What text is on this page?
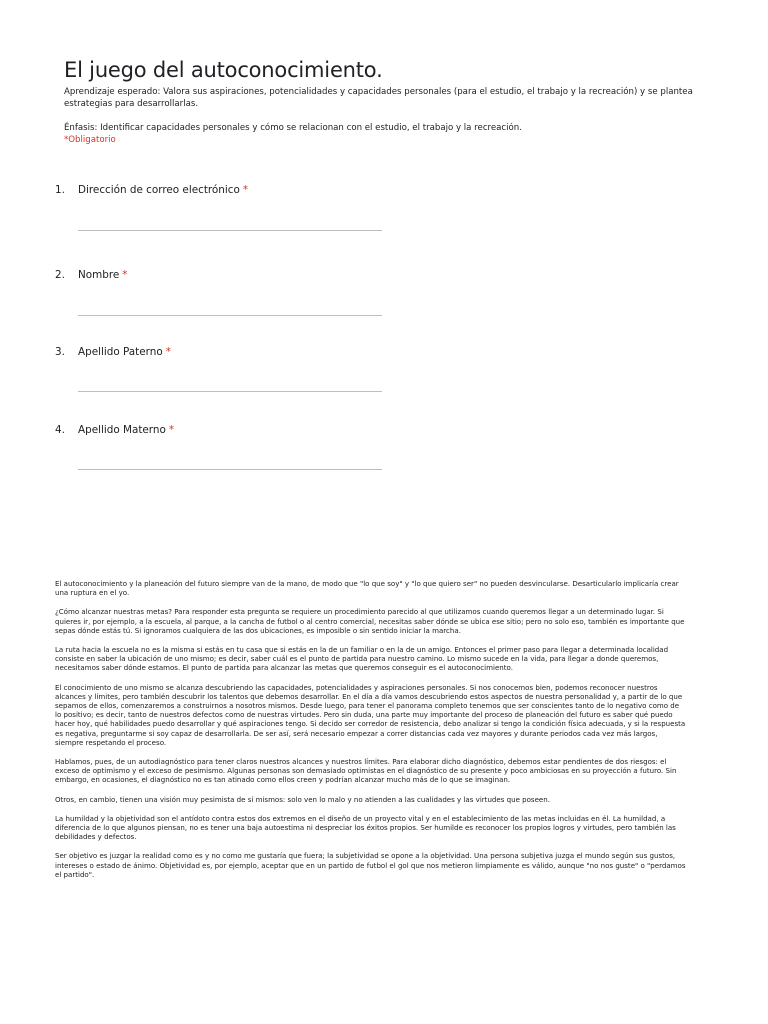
El juego del autoconocimiento.
Aprendizaje esperado: Valora sus aspiraciones, potencialidades y capacidades personales (para el estudio, el trabajo y la recreación) y se plantea estrategias para desarrollarlas.

Énfasis: Identificar capacidades personales y cómo se relacionan con el estudio, el trabajo y la recreación.
*Obligatorio
1.	Dirección de correo electrónico *
2.	Nombre *
3.	Apellido Paterno *
4.	Apellido Materno *

El autoconocimiento y la planeación del futuro siempre van de la mano, de modo que "lo que soy" y "lo que quiero ser" no pueden desvincularse. Desarticularlo implicaría crear una ruptura en el yo.

¿Cómo alcanzar nuestras metas? Para responder esta pregunta se requiere un procedimiento parecido al que utilizamos cuando queremos llegar a un determinado lugar. Si quieres ir, por ejemplo, a la escuela, al parque, a la cancha de futbol o al centro comercial, necesitas saber dónde se ubica ese sitio; pero no solo eso, también es importante que sepas dónde estás tú. Si ignoramos cualquiera de las dos ubicaciones, es imposible o sin sentido iniciar la marcha.

La ruta hacia la escuela no es la misma si estás en tu casa que si estás en la de un familiar o en la de un amigo. Entonces el primer paso para llegar a determinada localidad consiste en saber la ubicación de uno mismo; es decir, saber cuál es el punto de partida para nuestro camino. Lo mismo sucede en la vida, para llegar a donde queremos, necesitamos saber dónde estamos. El punto de partida para alcanzar las metas que queremos conseguir es el autoconocimiento.

El conocimiento de uno mismo se alcanza descubriendo las capacidades, potencialidades y aspiraciones personales. Si nos conocemos bien, podemos reconocer nuestros alcances y límites, pero también descubrir los talentos que debemos desarrollar. En el día a día vamos descubriendo estos aspectos de nuestra personalidad y, a partir de lo que sepamos de ellos, comenzaremos a construirnos a nosotros mismos. Desde luego, para tener el panorama completo tenemos que ser conscientes tanto de lo negativo como de lo positivo; es decir, tanto de nuestros defectos como de nuestras virtudes. Pero sin duda, una parte muy importante del proceso de planeación del futuro es saber qué puedo hacer hoy, qué habilidades puedo desarrollar y qué aspiraciones tengo. Si decido ser corredor de resistencia, debo analizar si tengo la condición física adecuada, y si la respuesta es negativa, preguntarme si soy capaz de desarrollarla. De ser así, será necesario empezar a correr distancias cada vez mayores y durante periodos cada vez más largos, siempre respetando el proceso.

Hablamos, pues, de un autodiagnóstico para tener claros nuestros alcances y nuestros límites. Para elaborar dicho diagnóstico, debemos estar pendientes de dos riesgos: el exceso de optimismo y el exceso de pesimismo. Algunas personas son demasiado optimistas en el diagnóstico de su presente y poco ambiciosas en su proyección a futuro. Sin embargo, en ocasiones, el diagnóstico no es tan atinado como ellos creen y podrían alcanzar mucho más de lo que se imaginan.

Otros, en cambio, tienen una visión muy pesimista de sí mismos: solo ven lo malo y no atienden a las cualidades y las virtudes que poseen.

La humildad y la objetividad son el antídoto contra estos dos extremos en el diseño de un proyecto vital y en el establecimiento de las metas incluidas en él. La humildad, a diferencia de lo que algunos piensan, no es tener una baja autoestima ni despreciar los éxitos propios. Ser humilde es reconocer los propios logros y virtudes, pero también las debilidades y defectos.

Ser objetivo es juzgar la realidad como es y no como me gustaría que fuera; la subjetividad se opone a la objetividad. Una persona subjetiva juzga el mundo según sus gustos, intereses o estado de ánimo. Objetividad es, por ejemplo, aceptar que en un partido de futbol el gol que nos metieron limpiamente es válido, aunque "no nos guste" o "perdamos el partido".
